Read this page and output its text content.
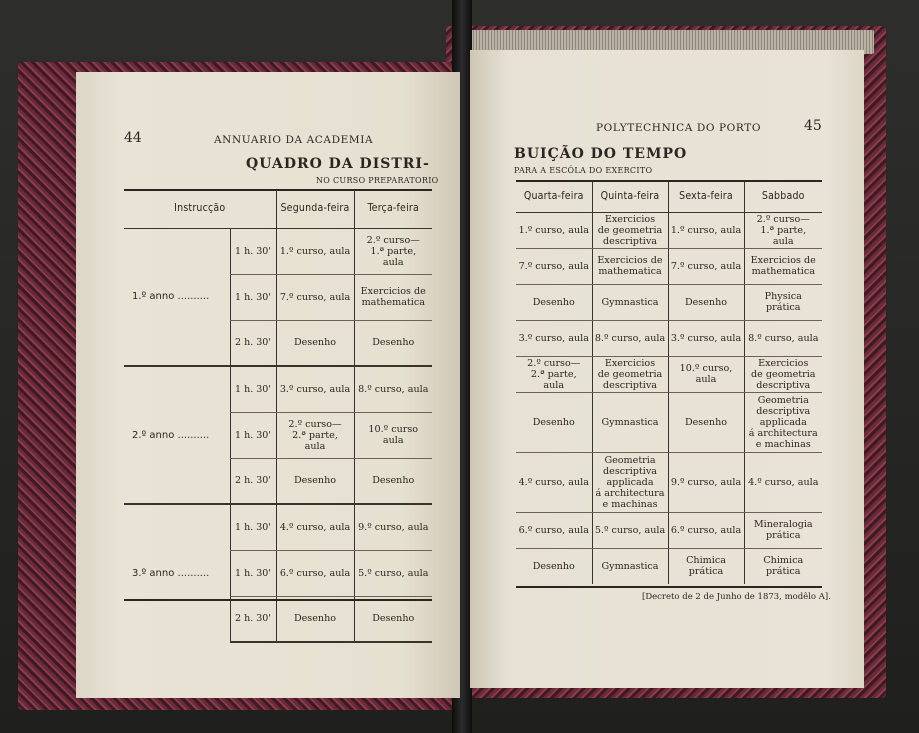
44	ANNUARIO DA ACADEMIA
QUADRO DA DISTRI-
NO CURSO PREPARATORIO
Instrucção		Segunda-feira	Terça-feira
1.º anno ..........	1 h. 30'	1.º curso, aula	2.º curso—
1.ª parte,
aula
	1 h. 30'	7.º curso, aula	Exercicios de
mathematica
	2 h. 30'	Desenho	Desenho
2.º anno ..........	1 h. 30'	3.º curso, aula	8.º curso, aula
	1 h. 30'	2.º curso—
2.ª parte,
aula	10.º curso
aula
	2 h. 30'	Desenho	Desenho
3.º anno ..........	1 h. 30'	4.º curso, aula	9.º curso, aula
	1 h. 30'	6.º curso, aula	5.º curso, aula
	2 h. 30'	Desenho	Desenho
POLYTECHNICA DO PORTO	45
BUIÇÃO DO TEMPO
PARA A ESCÓLA DO EXERCITO
Quarta-feira	Quinta-feira	Sexta-feira	Sabbado
1.º curso, aula	Exercicios
de geometria
descriptiva	1.º curso, aula	2.º curso—
1.ª parte,
aula
7.º curso, aula	Exercicios de
mathematica	7.º curso, aula	Exercicios de
mathematica
Desenho	Gymnastica	Desenho	Physica prática
3.º curso, aula	8.º curso, aula	3.º curso, aula	8.º curso, aula
2.º curso—
2.ª parte,
aula	Exercicios
de geometria
descriptiva	10.º curso, aula	Exercicios
de geometria
descriptiva
Desenho	Gymnastica	Desenho	Geometria
descriptiva
applicada
á architectura
e machinas
4.º curso, aula	Geometria
descriptiva
applicada
á architectura
e machinas	9.º curso, aula	4.º curso, aula
6.º curso, aula	5.º curso, aula	6.º curso, aula	Mineralogia
prática
Desenho	Gymnastica	Chimica prática	Chimica prática
[Decreto de 2 de Junho de 1873, modêlo A].
